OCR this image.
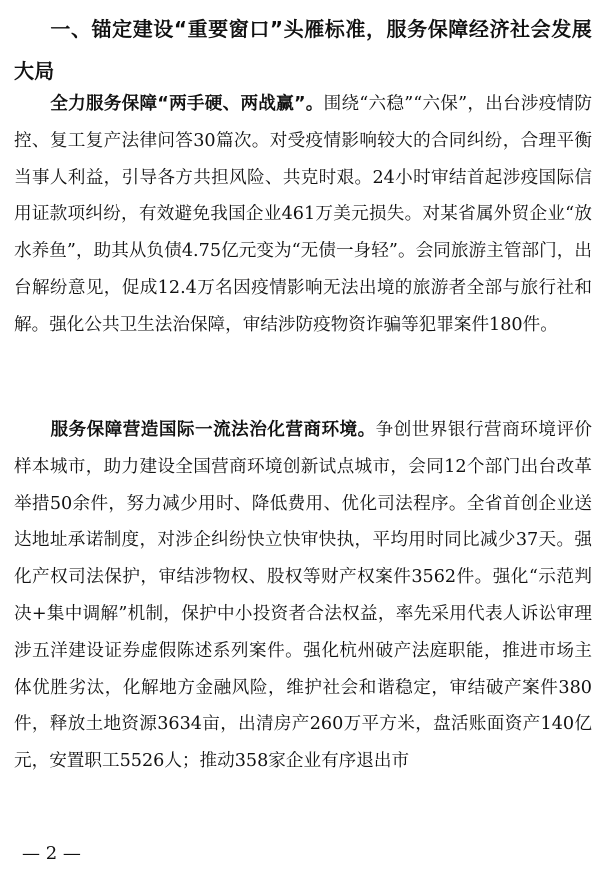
一、锚定建设“重要窗口”头雁标准，服务保障经济社会发展大局

全力服务保障“两手硬、两战赢”。围绕“六稳”“六保”，出台涉疫情防控、复工复产法律问答30篇次。对受疫情影响较大的合同纠纷，合理平衡当事人利益，引导各方共担风险、共克时艰。24小时审结首起涉疫国际信用证款项纠纷，有效避免我国企业461万美元损失。对某省属外贸企业“放水养鱼”，助其从负债4.75亿元变为“无债一身轻”。会同旅游主管部门，出台解纷意见，促成12.4万名因疫情影响无法出境的旅游者全部与旅行社和解。强化公共卫生法治保障，审结涉防疫物资诈骗等犯罪案件180件。

服务保障营造国际一流法治化营商环境。争创世界银行营商环境评价样本城市，助力建设全国营商环境创新试点城市，会同12个部门出台改革举措50余件，努力减少用时、降低费用、优化司法程序。全省首创企业送达地址承诺制度，对涉企纠纷快立快审快执，平均用时同比减少37天。强化产权司法保护，审结涉物权、股权等财产权案件3562件。强化“示范判决+集中调解”机制，保护中小投资者合法权益，率先采用代表人诉讼审理涉五洋建设证券虚假陈述系列案件。强化杭州破产法庭职能，推进市场主体优胜劣汰，化解地方金融风险，维护社会和谐稳定，审结破产案件380件，释放土地资源3634亩，出清房产260万平方米，盘活账面资产140亿元，安置职工5526人；推动358家企业有序退出市

— 2 —
